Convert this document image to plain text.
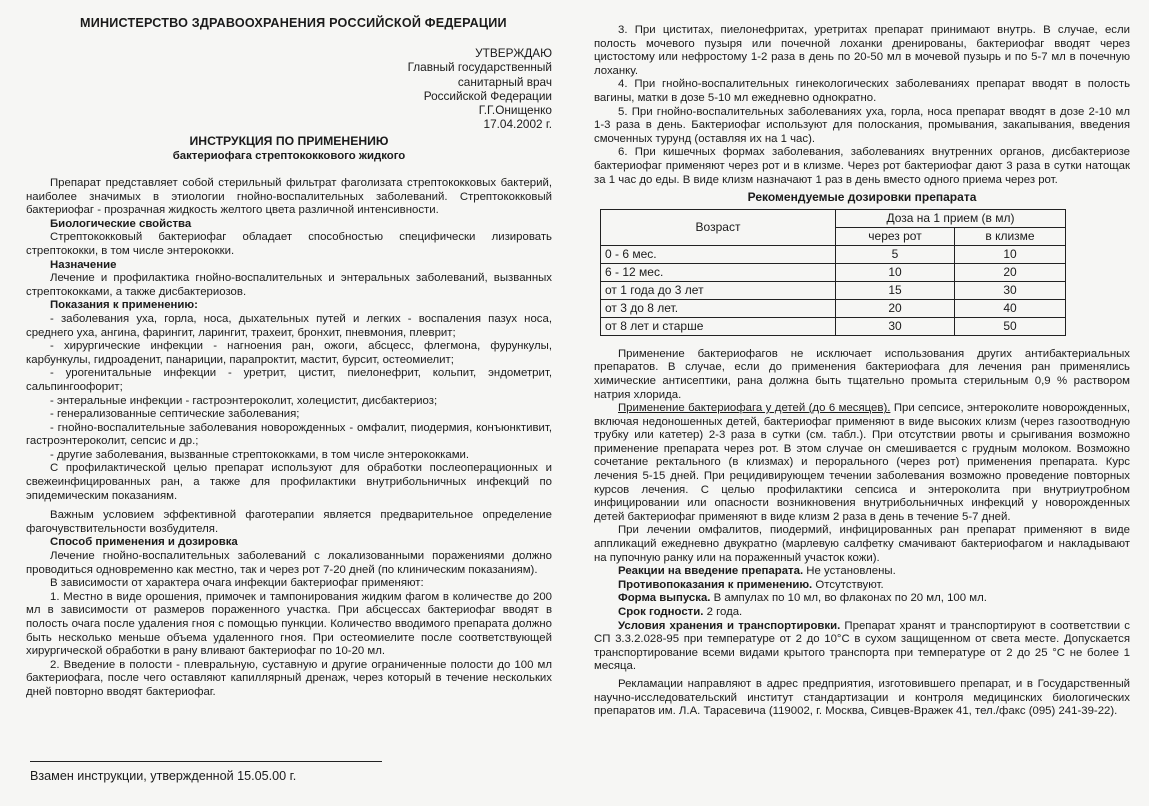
МИНИСТЕРСТВО ЗДРАВООХРАНЕНИЯ РОССИЙСКОЙ ФЕДЕРАЦИИ
УТВЕРЖДАЮ
Главный государственный
санитарный врач
Российской Федерации
Г.Г.Онищенко
17.04.2002 г.
ИНСТРУКЦИЯ ПО ПРИМЕНЕНИЮ
бактериофага стрептококкового жидкого

Препарат представляет собой стерильный фильтрат фаголизата стрептококковых бактерий, наиболее значимых в этиологии гнойно-воспалительных заболеваний. Стрептококковый бактериофаг - прозрачная жидкость желтого цвета различной интенсивности.

Биологические свойства

Стрептококковый бактериофаг обладает способностью специфически лизировать стрептококки, в том числе энтерококки.

Назначение

Лечение и профилактика гнойно-воспалительных и энтеральных заболеваний, вызванных стрептококками, а также дисбактериозов.

Показания к применению:

- заболевания уха, горла, носа, дыхательных путей и легких - воспаления пазух носа, среднего уха, ангина, фарингит, ларингит, трахеит, бронхит, пневмония, плеврит;

- хирургические инфекции - нагноения ран, ожоги, абсцесс, флегмона, фурункулы, карбункулы, гидроаденит, панариции, парапроктит, мастит, бурсит, остеомиелит;

- урогенитальные инфекции - уретрит, цистит, пиелонефрит, кольпит, эндометрит, сальпингоофорит;

- энтеральные инфекции - гастроэнтероколит, холецистит, дисбактериоз;

- генерализованные септические заболевания;

- гнойно-воспалительные заболевания новорожденных - омфалит, пиодермия, конъюнктивит, гастроэнтероколит, сепсис и др.;

- другие заболевания, вызванные стрептококками, в том числе энтерококками.

С профилактической целью препарат используют для обработки послеоперационных и свежеинфицированных ран, а также для профилактики внутрибольничных инфекций по эпидемическим показаниям.

Важным условием эффективной фаготерапии является предварительное определение фагочувствительности возбудителя.

Способ применения и дозировка

Лечение гнойно-воспалительных заболеваний с локализованными поражениями должно проводиться одновременно как местно, так и через рот 7-20 дней (по клиническим показаниям).

В зависимости от характера очага инфекции бактериофаг применяют:

1. Местно в виде орошения, примочек и тампонирования жидким фагом в количестве до 200 мл в зависимости от размеров пораженного участка. При абсцессах бактериофаг вводят в полость очага после удаления гноя с помощью пункции. Количество вводимого препарата должно быть несколько меньше объема удаленного гноя. При остеомиелите после соответствующей хирургической обработки в рану вливают бактериофаг по 10-20 мл.

2. Введение в полости - плевральную, суставную и другие ограниченные полости до 100 мл бактериофага, после чего оставляют капиллярный дренаж, через который в течение нескольких дней повторно вводят бактериофаг.

Взамен инструкции, утвержденной 15.05.00 г.

3. При циститах, пиелонефритах, уретритах препарат принимают внутрь. В случае, если полость мочевого пузыря или почечной лоханки дренированы, бактериофаг вводят через цистостому или нефростому 1-2 раза в день по 20-50 мл в мочевой пузырь и по 5-7 мл в почечную лоханку.

4. При гнойно-воспалительных гинекологических заболеваниях препарат вводят в полость вагины, матки в дозе 5-10 мл ежедневно однократно.

5. При гнойно-воспалительных заболеваниях уха, горла, носа препарат вводят в дозе 2-10 мл 1-3 раза в день. Бактериофаг используют для полоскания, промывания, закапывания, введения смоченных турунд (оставляя их на 1 час).

6. При кишечных формах заболевания, заболеваниях внутренних органов, дисбактериозе бактериофаг применяют через рот и в клизме. Через рот бактериофаг дают 3 раза в сутки натощак за 1 час до еды. В виде клизм назначают 1 раз в день вместо одного приема через рот.

Рекомендуемые дозировки препарата
Возраст	Доза на 1 прием (в мл)	
	через рот	в клизме
0 - 6 мес.	5	10
6 - 12 мес.	10	20
от 1 года до 3 лет	15	30
от 3 до 8 лет.	20	40
от 8 лет и старше	30	50

Применение бактериофагов не исключает использования других антибактериальных препаратов. В случае, если до применения бактериофага для лечения ран применялись химические антисептики, рана должна быть тщательно промыта стерильным 0,9 % раствором натрия хлорида.

Применение бактериофага у детей (до 6 месяцев). При сепсисе, энтероколите новорожденных, включая недоношенных детей, бактериофаг применяют в виде высоких клизм (через газоотводную трубку или катетер) 2-3 раза в сутки (см. табл.). При отсутствии рвоты и срыгивания возможно применение препарата через рот. В этом случае он смешивается с грудным молоком. Возможно сочетание ректального (в клизмах) и перорального (через рот) применения препарата. Курс лечения 5-15 дней. При рецидивирующем течении заболевания возможно проведение повторных курсов лечения. С целью профилактики сепсиса и энтероколита при внутриутробном инфицировании или опасности возникновения внутрибольничных инфекций у новорожденных детей бактериофаг применяют в виде клизм 2 раза в день в течение 5-7 дней.

При лечении омфалитов, пиодермий, инфицированных ран препарат применяют в виде аппликаций ежедневно двукратно (марлевую салфетку смачивают бактериофагом и накладывают на пупочную ранку или на пораженный участок кожи).

Реакции на введение препарата. Не установлены.

Противопоказания к применению. Отсутствуют.

Форма выпуска. В ампулах по 10 мл, во флаконах по 20 мл, 100 мл.

Срок годности. 2 года.

Условия хранения и транспортировки. Препарат хранят и транспортируют в соответствии с СП 3.3.2.028-95 при температуре от 2 до 10°С в сухом защищенном от света месте. Допускается транспортирование всеми видами крытого транспорта при температуре от 2 до 25 °С не более 1 месяца.

Рекламации направляют в адрес предприятия, изготовившего препарат, и в Государственный научно-исследовательский институт стандартизации и контроля медицинских биологических препаратов им. Л.А. Тарасевича (119002, г. Москва, Сивцев-Вражек 41, тел./факс (095) 241-39-22).
